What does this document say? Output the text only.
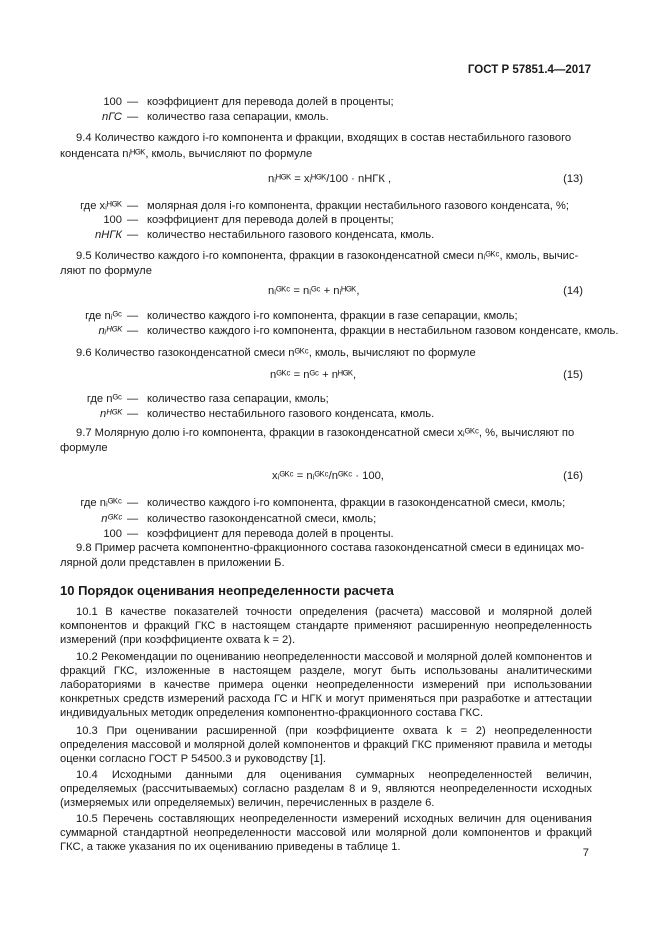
ГОСТ Р 57851.4—2017
100 — коэффициент для перевода долей в проценты;
nГС — количество газа сепарации, кмоль.
9.4 Количество каждого i-го компонента и фракции, входящих в состав нестабильного газового
конденсата nᵢᴴᴳᴷ, кмоль, вычисляют по формуле
nᵢᴴᴳᴷ = xᵢᴴᴳᴷ/100 · nНГК ,	(13)
где xᵢᴴᴳᴷ — молярная доля i-го компонента, фракции нестабильного газового конденсата, %;
100 — коэффициент для перевода долей в проценты;
nНГК — количество нестабильного газового конденсата, кмоль.
9.5 Количество каждого i-го компонента, фракции в газоконденсатной смеси nᵢᴳᴷᶜ, кмоль, вычис-
ляют по формуле
nᵢᴳᴷᶜ = nᵢᴳᶜ + nᵢᴴᴳᴷ,	(14)
где nᵢᴳᶜ — количество каждого i-го компонента, фракции в газе сепарации, кмоль;
nᵢᴴᴳᴷ — количество каждого i-го компонента, фракции в нестабильном газовом конденсате, кмоль.
9.6 Количество газоконденсатной смеси nᴳᴷᶜ, кмоль, вычисляют по формуле
nᴳᴷᶜ = nᴳᶜ + nᴴᴳᴷ,	(15)
где nᴳᶜ — количество газа сепарации, кмоль;
nᴴᴳᴷ — количество нестабильного газового конденсата, кмоль.
9.7 Молярную долю i-го компонента, фракции в газоконденсатной смеси xᵢᴳᴷᶜ, %, вычисляют по
формуле
xᵢᴳᴷᶜ = nᵢᴳᴷᶜ/nᴳᴷᶜ · 100,	(16)
где nᵢᴳᴷᶜ — количество каждого i-го компонента, фракции в газоконденсатной смеси, кмоль;
nᴳᴷᶜ — количество газоконденсатной смеси, кмоль;
100 — коэффициент для перевода долей в проценты.
9.8 Пример расчета компонентно-фракционного состава газоконденсатной смеси в единицах мо-
лярной доли представлен в приложении Б.
10 Порядок оценивания неопределенности расчета
10.1 В качестве показателей точности определения (расчета) массовой и молярной долей компонентов и фракций ГКС в настоящем стандарте применяют расширенную неопределенность измерений (при коэффициенте охвата k = 2).
10.2 Рекомендации по оцениванию неопределенности массовой и молярной долей компонентов и фракций ГКС, изложенные в настоящем разделе, могут быть использованы аналитическими лабораториями в качестве примера оценки неопределенности измерений при использовании конкретных средств измерений расхода ГС и НГК и могут применяться при разработке и аттестации индивидуальных методик определения компонентно-фракционного состава ГКС.
10.3 При оценивании расширенной (при коэффициенте охвата k = 2) неопределенности определения массовой и молярной долей компонентов и фракций ГКС применяют правила и методы оценки согласно ГОСТ Р 54500.3 и руководству [1].
10.4 Исходными данными для оценивания суммарных неопределенностей величин, определяемых (рассчитываемых) согласно разделам 8 и 9, являются неопределенности исходных (измеряемых или определяемых) величин, перечисленных в разделе 6.
10.5 Перечень составляющих неопределенности измерений исходных величин для оценивания суммарной стандартной неопределенности массовой или молярной доли компонентов и фракций ГКС, а также указания по их оцениванию приведены в таблице 1.	7
